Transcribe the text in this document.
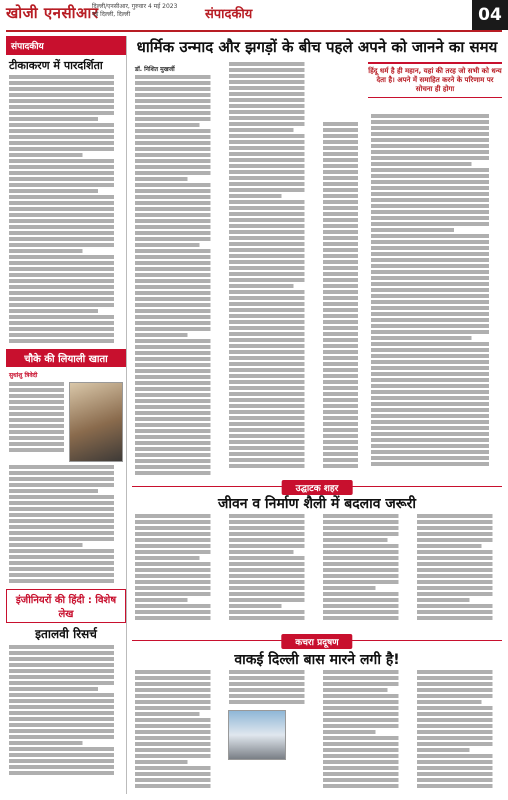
खोजी एनसीआर
दिल्ली/एनसीआर, गुरुवार 4 मई 2023
नई दिल्ली, दिल्ली	संपादकीय	04
संपादकीय
टीकाकरण में पारदर्शिता
चौके की लियाली खाता
सुधांशु त्रिवेदी
इंजीनियरों की हिंदी : विशेष लेख
इतालवी रिसर्च
धार्मिक उन्माद और झगड़ों के बीच पहले अपने को जानने का समय
डॉ. निशित मुखर्जी	हिंदू धर्म है ही महान, यहां की तरह जो सभी को धन्य देता है। अपने में समाहित करने के परिणाम पर सोचना ही होगा
उद्घाटक शहर
जीवन व निर्माण शैली में बदलाव जरूरी
कचरा प्रदूषण
वाकई दिल्ली बास मारने लगी है!
